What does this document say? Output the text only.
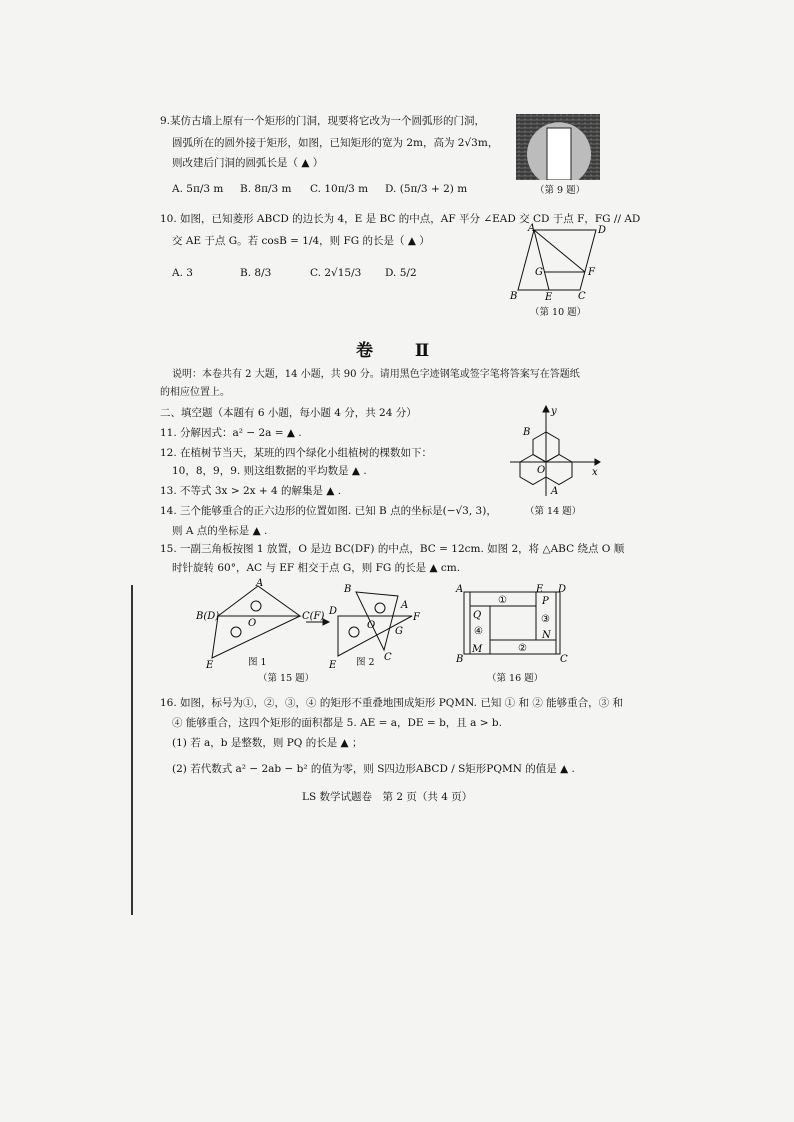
9.某仿古墙上原有一个矩形的门洞，现要将它改为一个圆弧形的门洞，
圆弧所在的圆外接于矩形，如图，已知矩形的宽为 2m，高为 2√3m，
则改建后门洞的圆弧长是（ ▲ ）
A. 5π/3 m B. 8π/3 m C. 10π/3 m D. (5π/3 + 2) m	（第 9 题）
10. 如图，已知菱形 ABCD 的边长为 4，E 是 BC 的中点，AF 平分 ∠EAD 交 CD 于点 F，FG // AD
交 AE 于点 G。若 cosB = 1/4，则 FG 的长是（ ▲ ）
A. 3	B. 8/3	C. 2√15/3 D. 5/2
A	D
B	E	C
F
G
（第 10 题）
卷 Ⅱ
说明：本卷共有 2 大题，14 小题，共 90 分。请用黑色字迹钢笔或签字笔将答案写在答题纸
的相应位置上。
二、填空题（本题有 6 小题，每小题 4 分，共 24 分）
11. 分解因式：a² − 2a = ▲ .
12. 在植树节当天，某班的四个绿化小组植树的棵数如下：
10，8，9，9. 则这组数据的平均数是 ▲ .
13. 不等式 3x > 2x + 4 的解集是 ▲ .
14. 三个能够重合的正六边形的位置如图. 已知 B 点的坐标是(−√3, 3)，
则 A 点的坐标是 ▲ .
B
y
x
O
A
（第 14 题）
15. 一副三角板按图 1 放置，O 是边 BC(DF) 的中点，BC = 12cm. 如图 2，将 △ABC 绕点 O 顺
时针旋转 60°，AC 与 EF 相交于点 G，则 FG 的长是 ▲ cm.
A
B(D)	C(F)
O
E
B
D
A
F
O
G
C
E
图 1	图 2
（第 15 题）
A	E D
P
Q
N
M
B	C
①
③
④
②
（第 16 题）
16. 如图，标号为①，②，③，④ 的矩形不重叠地围成矩形 PQMN. 已知 ① 和 ② 能够重合，③ 和
④ 能够重合，这四个矩形的面积都是 5. AE = a，DE = b，且 a > b.
(1) 若 a，b 是整数，则 PQ 的长是 ▲ ；
(2) 若代数式 a² − 2ab − b² 的值为零，则 S四边形ABCD / S矩形PQMN 的值是 ▲ .
LS 数学试题卷　第 2 页（共 4 页）
